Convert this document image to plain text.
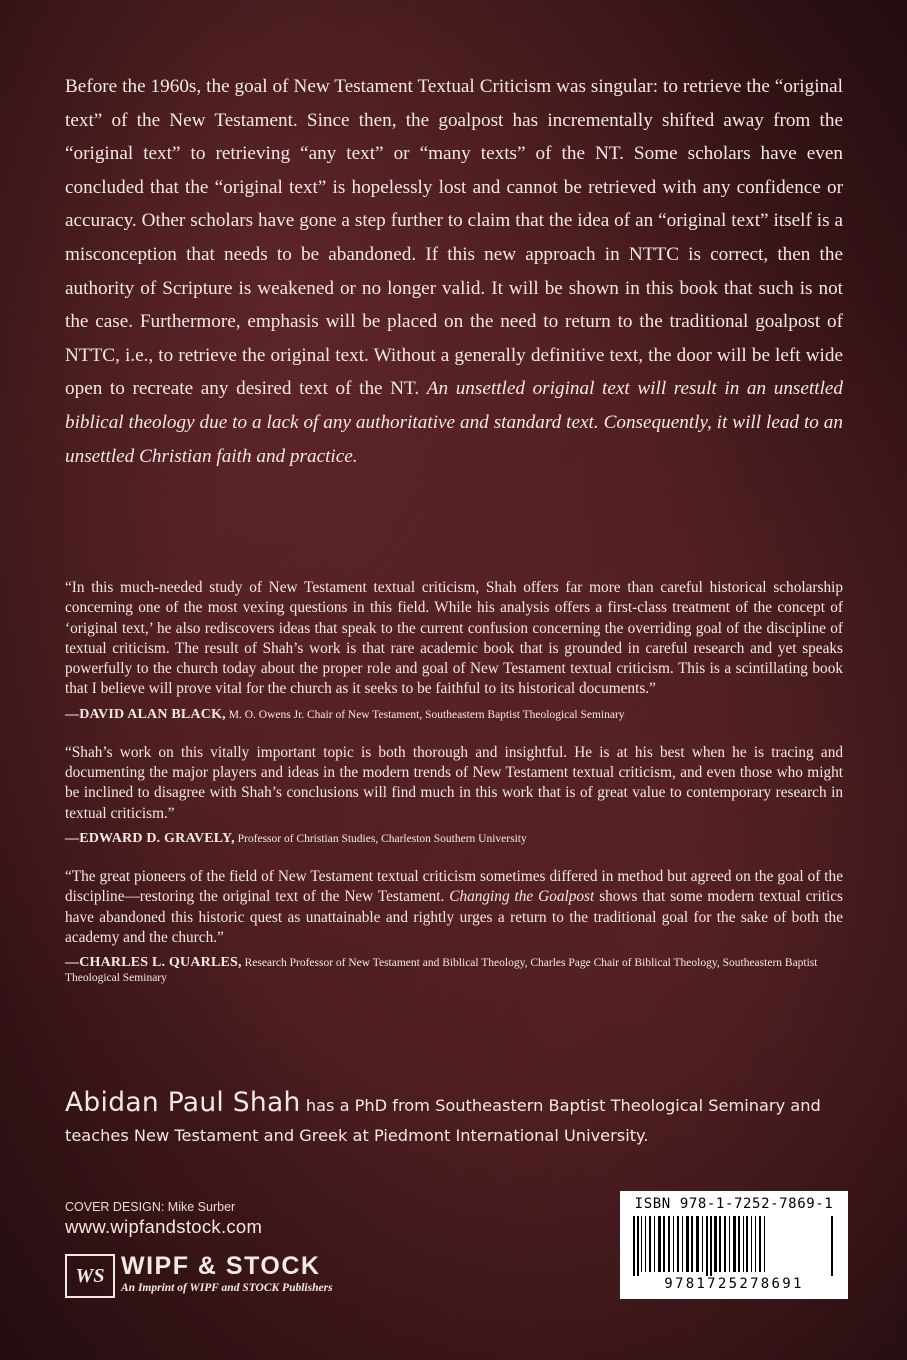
Before the 1960s, the goal of New Testament Textual Criticism was singular: to retrieve the “original text” of the New Testament. Since then, the goalpost has incrementally shifted away from the “original text” to retrieving “any text” or “many texts” of the NT. Some scholars have even concluded that the “original text” is hopelessly lost and cannot be retrieved with any confidence or accuracy. Other scholars have gone a step further to claim that the idea of an “original text” itself is a misconception that needs to be abandoned. If this new approach in NTTC is correct, then the authority of Scripture is weakened or no longer valid. It will be shown in this book that such is not the case. Furthermore, emphasis will be placed on the need to return to the traditional goalpost of NTTC, i.e., to retrieve the original text. Without a generally definitive text, the door will be left wide open to recreate any desired text of the NT. An unsettled original text will result in an unsettled biblical theology due to a lack of any authoritative and standard text. Consequently, it will lead to an unsettled Christian faith and practice.

“In this much-needed study of New Testament textual criticism, Shah offers far more than careful historical scholarship concerning one of the most vexing questions in this field. While his analysis offers a first-class treatment of the concept of ‘original text,’ he also rediscovers ideas that speak to the current confusion concerning the overriding goal of the discipline of textual criticism. The result of Shah’s work is that rare academic book that is grounded in careful research and yet speaks powerfully to the church today about the proper role and goal of New Testament textual criticism. This is a scintillating book that I believe will prove vital for the church as it seeks to be faithful to its historical documents.”

—DAVID ALAN BLACK, M. O. Owens Jr. Chair of New Testament, Southeastern Baptist Theological Seminary

“Shah’s work on this vitally important topic is both thorough and insightful. He is at his best when he is tracing and documenting the major players and ideas in the modern trends of New Testament textual criticism, and even those who might be inclined to disagree with Shah’s conclusions will find much in this work that is of great value to contemporary research in textual criticism.”

—EDWARD D. GRAVELY, Professor of Christian Studies, Charleston Southern University

“The great pioneers of the field of New Testament textual criticism sometimes differed in method but agreed on the goal of the discipline—restoring the original text of the New Testament. Changing the Goalpost shows that some modern textual critics have abandoned this historic quest as unattainable and rightly urges a return to the traditional goal for the sake of both the academy and the church.”

—CHARLES L. QUARLES, Research Professor of New Testament and Biblical Theology, Charles Page Chair of Biblical Theology, Southeastern Baptist Theological Seminary

Abidan Paul Shah has a PhD from Southeastern Baptist Theological Seminary and teaches New Testament and Greek at Piedmont International University.

COVER DESIGN: Mike Surber
www.wipfandstock.com
WS WIPF & STOCK
An Imprint of WIPF and STOCK Publishers
ISBN 978-1-7252-7869-1
9781725278691
